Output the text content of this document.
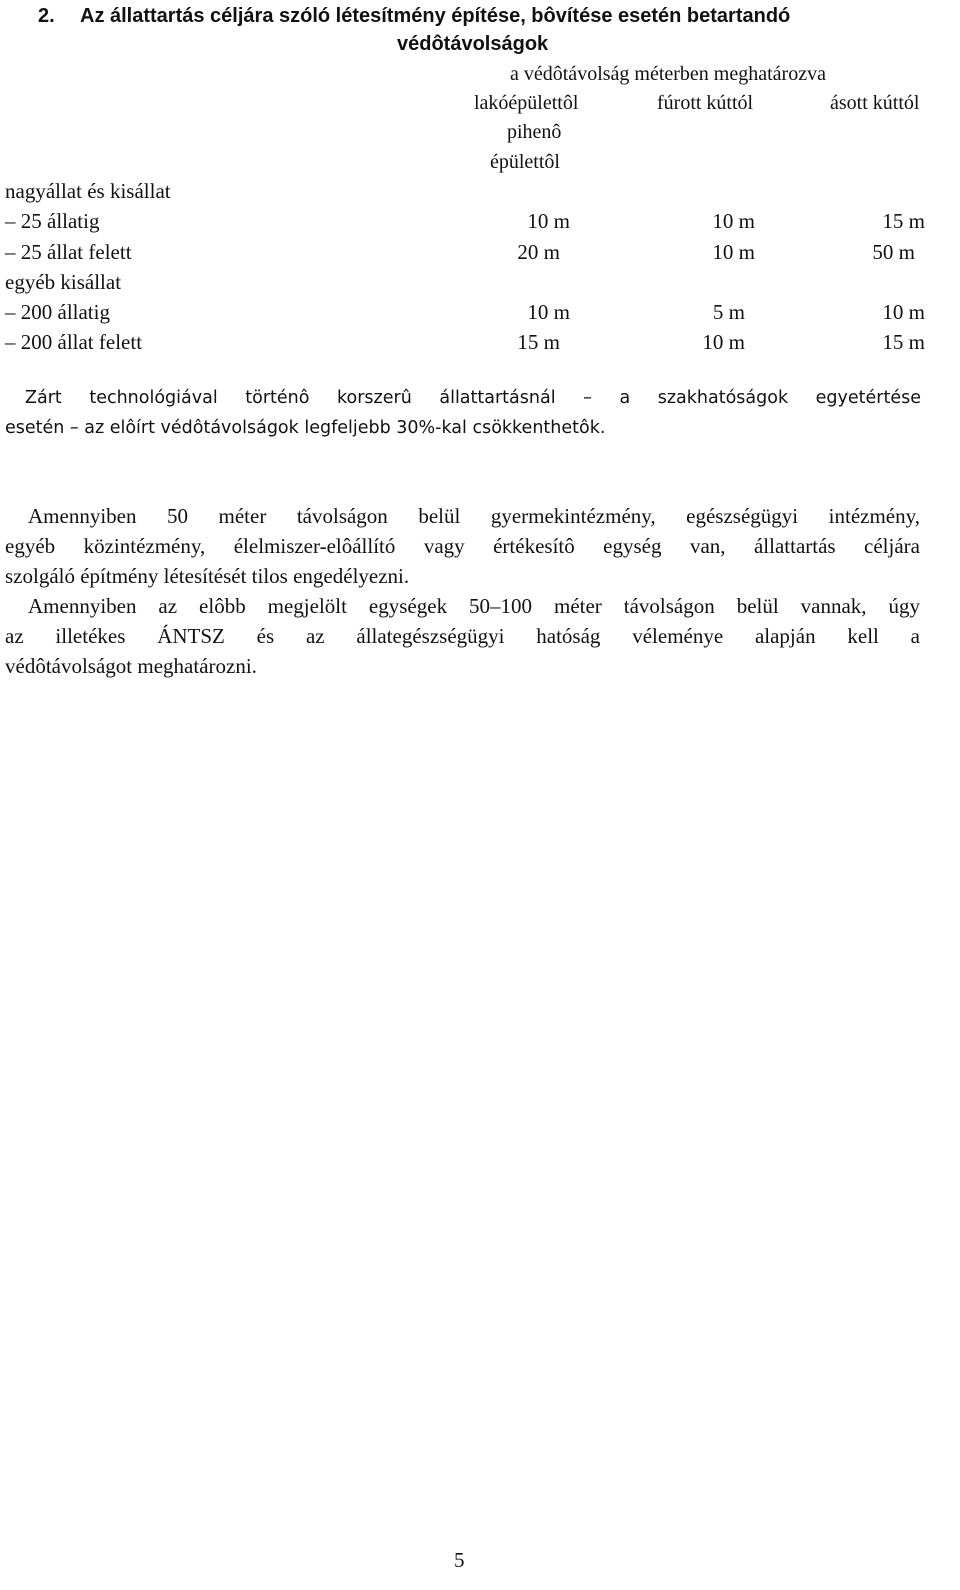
2. Az állattartás céljára szóló létesítmény építése, bôvítése esetén betartandó
védôtávolságok
a védôtávolság méterben meghatározva
lakóépülettôl	fúrott kúttól	ásott kúttól
pihenô
épülettôl
nagyállat és kisállat
– 25 állatig	10 m	10 m	15 m
– 25 állat felett	20 m	10 m	50 m
egyéb kisállat
– 200 állatig	10 m	5 m	10 m
– 200 állat felett	15 m	10 m	15 m
Zárt technológiával történô korszerû állattartásnál – a szakhatóságok egyetértése
esetén – az elôírt védôtávolságok legfeljebb 30%-kal csökkenthetôk.
Amennyiben 50 méter távolságon belül gyermekintézmény, egészségügyi intézmény,
egyéb közintézmény, élelmiszer-elôállító vagy értékesítô egység van, állattartás céljára
szolgáló építmény létesítését tilos engedélyezni.
Amennyiben az elôbb megjelölt egységek 50–100 méter távolságon belül vannak, úgy
az illetékes ÁNTSZ és az állategészségügyi hatóság véleménye alapján kell a
védôtávolságot meghatározni.
5
